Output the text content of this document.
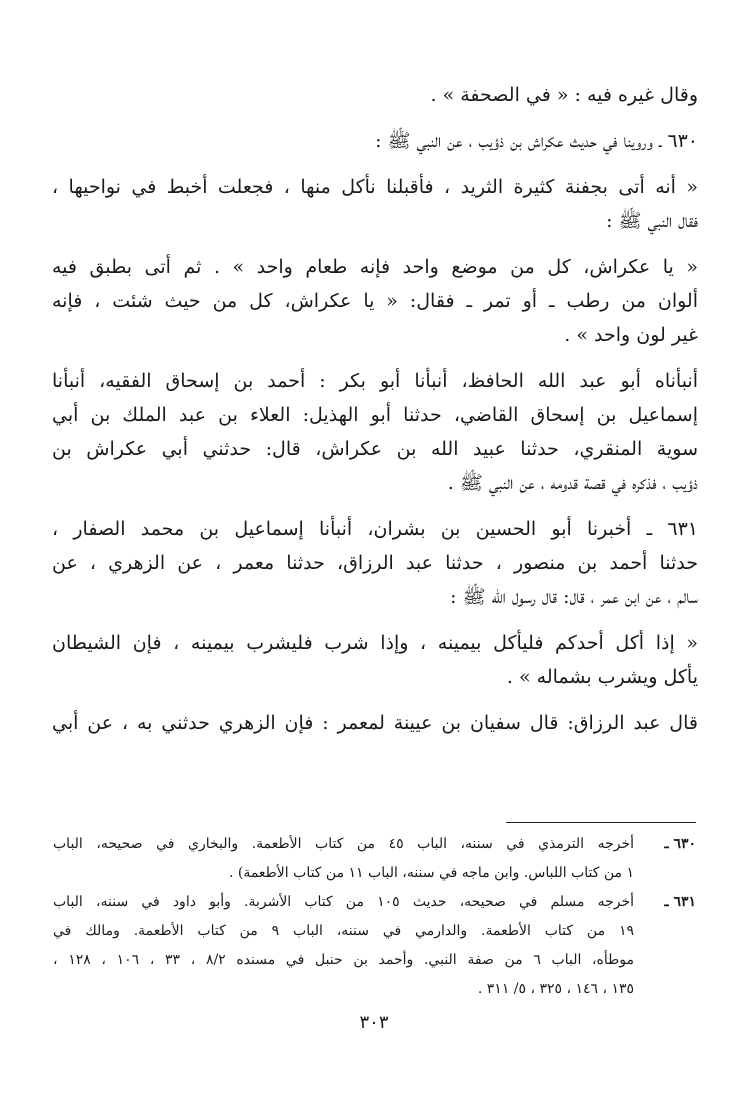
وقال غيره فيه : « في الصحفة » .
٦٣٠ ـ وروينا في حديث عكراش بن ذؤيب ، عن النبي ﷺ :
« أنه أتى بجفنة كثيرة الثريد ، فأقبلنا نأكل منها ، فجعلت أخبط في نواحيها ،
فقال النبي ﷺ :
« يا عكراش، كل من موضع واحد فإنه طعام واحد » . ثم أتى بطبق فيه
ألوان من رطب ـ أو تمر ـ فقال: « يا عكراش، كل من حيث شئت ، فإنه
غير لون واحد » .
أنبأناه أبو عبد الله الحافظ، أنبأنا أبو بكر : أحمد بن إسحاق الفقيه، أنبأنا
إسماعيل بن إسحاق القاضي، حدثنا أبو الهذيل: العلاء بن عبد الملك بن أبي
سوية المنقري، حدثنا عبيد الله بن عكراش، قال: حدثني أبي عكراش بن
ذؤيب ، فذكره في قصة قدومه ، عن النبي ﷺ .
٦٣١ ـ أخبرنا أبو الحسين بن بشران، أنبأنا إسماعيل بن محمد الصفار ،
حدثنا أحمد بن منصور ، حدثنا عبد الرزاق، حدثنا معمر ، عن الزهري ، عن
سالم ، عن ابن عمر ، قال: قال رسول الله ﷺ :
« إذا أكل أحدكم فليأكل بيمينه ، وإذا شرب فليشرب بيمينه ، فإن الشيطان
يأكل ويشرب بشماله » .
قال عبد الرزاق: قال سفيان بن عيينة لمعمر : فإن الزهري حدثني به ، عن أبي
٦٣٠ ـ
أخرجه الترمذي في سننه، الباب ٤٥ من كتاب الأطعمة. والبخاري في صحيحه، الباب
١ من كتاب اللباس. وابن ماجه في سننه، الباب ١١ من كتاب الأطعمة) .
٦٣١ ـ
أخرجه مسلم في صحيحه، حديث ١٠٥ من كتاب الأشربة. وأبو داود في سننه، الباب
١٩ من كتاب الأطعمة. والدارمي في سننه، الباب ٩ من كتاب الأطعمة. ومالك في
موطأه، الباب ٦ من صفة النبي. وأحمد بن حنبل في مسنده ٨/٢ ، ٣٣ ، ١٠٦ ، ١٢٨ ،
١٣٥ ، ١٤٦ ، ٣٢٥ ، ٥/ ٣١١ .
٣٠٣
